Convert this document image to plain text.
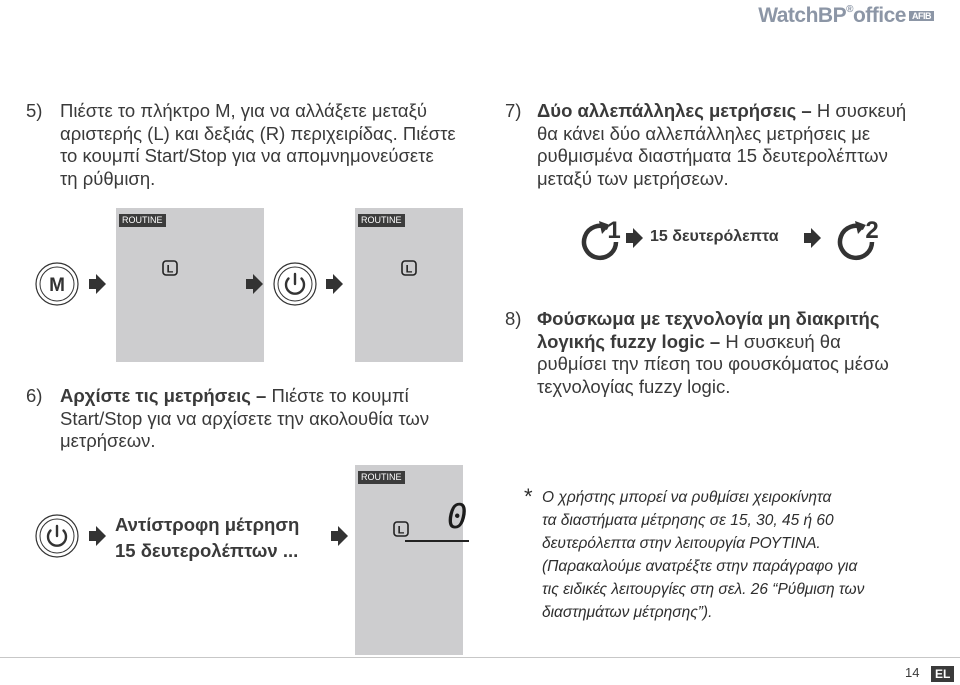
WatchBP®office AFIB
5) Πιέστε το πλήκτρο M, για να αλλάξετε μεταξύ
αριστερής (L) και δεξιάς (R) περιχειρίδας. Πιέστε
το κουμπί Start/Stop για να απομνημονεύσετε
τη ρύθμιση.
ROUTINE
L
ROUTINE
L
M
6) Αρχίστε τις μετρήσεις – Πιέστε το κουμπί
Start/Stop για να αρχίσετε την ακολουθία των
μετρήσεων.
Αντίστροφη μέτρηση
15 δευτερολέπτων ...
ROUTINE
L 0
7) Δύο αλλεπάλληλες μετρήσεις – Η συσκευή
θα κάνει δύο αλλεπάλληλες μετρήσεις με
ρυθμισμένα διαστήματα 15 δευτερολέπτων
μεταξύ των μετρήσεων.
1 15 δευτερόλεπτα	2
8) Φούσκωμα με τεχνολογία μη διακριτής
λογικής fuzzy logic – Η συσκευή θα
ρυθμίσει την πίεση του φουσκόματος μέσω
τεχνολογίας fuzzy logic.
* Ο χρήστης μπορεί να ρυθμίσει χειροκίνητα
τα διαστήματα μέτρησης σε 15, 30, 45 ή 60
δευτερόλεπτα στην λειτουργία ΡΟΥΤΙΝΑ.
(Παρακαλούμε ανατρέξτε στην παράγραφο για
τις ειδικές λειτουργίες στη σελ. 26 “Ρύθμιση των
διαστημάτων μέτρησης”).
14	EL
